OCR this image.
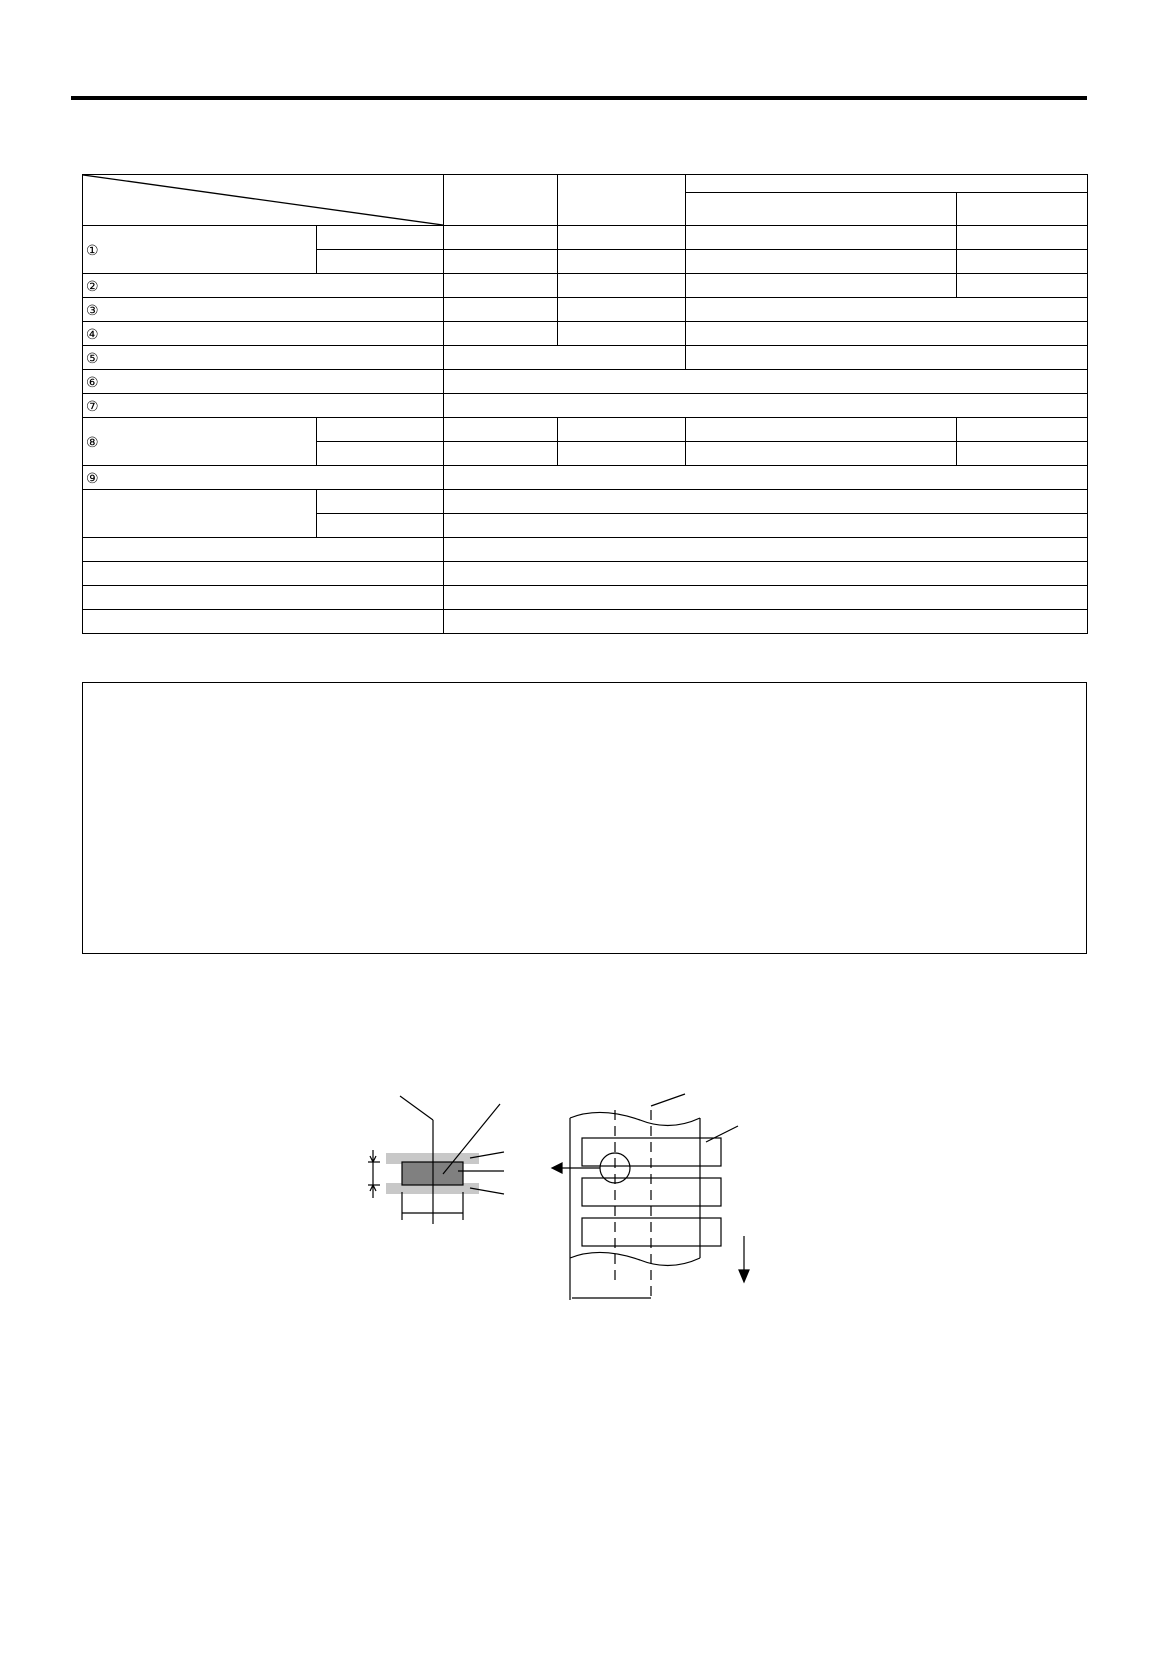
①					

②					
③					
④					
⑤					
⑥					
⑦					
⑧					

⑨					
